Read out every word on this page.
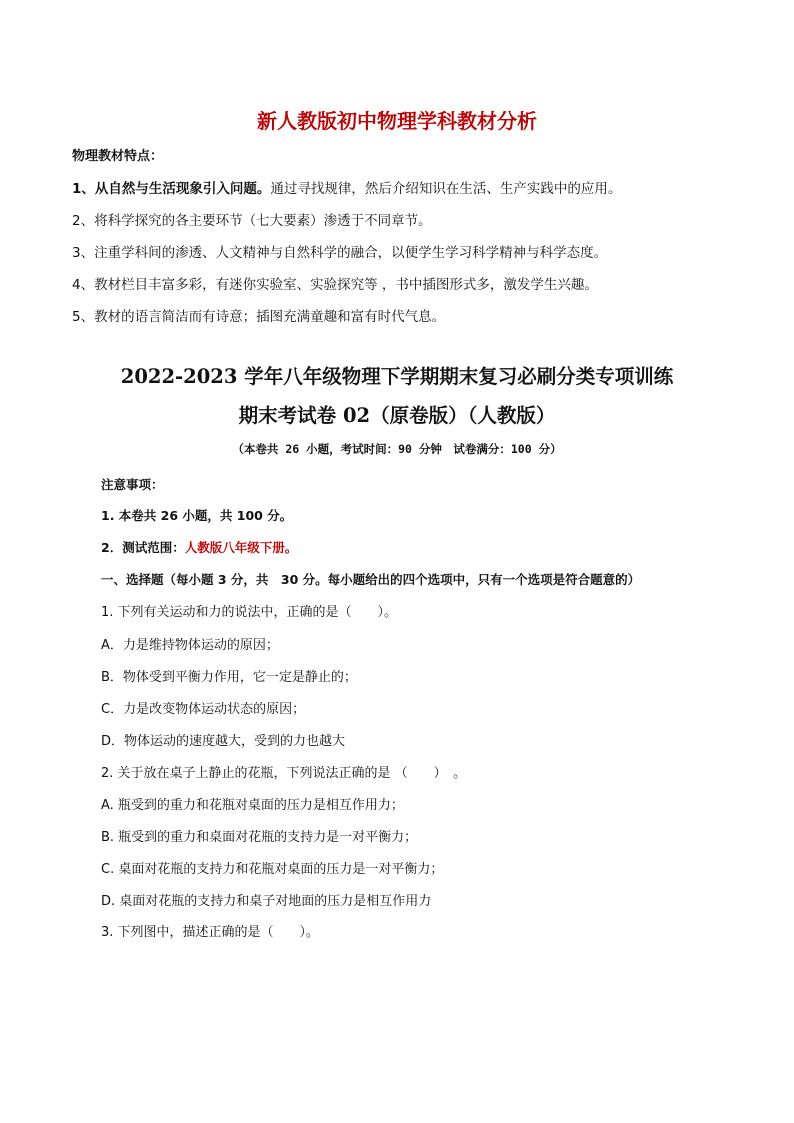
新人教版初中物理学科教材分析
物理教材特点：
1、从自然与生活现象引入问题。通过寻找规律，然后介绍知识在生活、生产实践中的应用。
2、将科学探究的各主要环节（七大要素）渗透于不同章节。
3、注重学科间的渗透、人文精神与自然科学的融合，以便学生学习科学精神与科学态度。
4、教材栏目丰富多彩，有迷你实验室、实验探究等 ，书中插图形式多，激发学生兴趣。
5、教材的语言简洁而有诗意；插图充满童趣和富有时代气息。
2022-2023 学年八年级物理下学期期末复习必刷分类专项训练
期末考试卷 02（原卷版）（人教版）
（本卷共 26 小题，考试时间：90 分钟　试卷满分：100 分）
注意事项：
1. 本卷共 26 小题，共 100 分。
2．测试范围：人教版八年级下册。
一、选择题（每小题 3 分，共　30 分。每小题给出的四个选项中，只有一个选项是符合题意的）
1. 下列有关运动和力的说法中，正确的是（　　）。
A．力是维持物体运动的原因；
B．物体受到平衡力作用，它一定是静止的；
C．力是改变物体运动状态的原因；
D．物体运动的速度越大，受到的力也越大
2. 关于放在桌子上静止的花瓶，下列说法正确的是 （　　）　。
A. 瓶受到的重力和花瓶对桌面的压力是相互作用力；
B. 瓶受到的重力和桌面对花瓶的支持力是一对平衡力；
C. 桌面对花瓶的支持力和花瓶对桌面的压力是一对平衡力；
D. 桌面对花瓶的支持力和桌子对地面的压力是相互作用力
3. 下列图中，描述正确的是（　　）。
